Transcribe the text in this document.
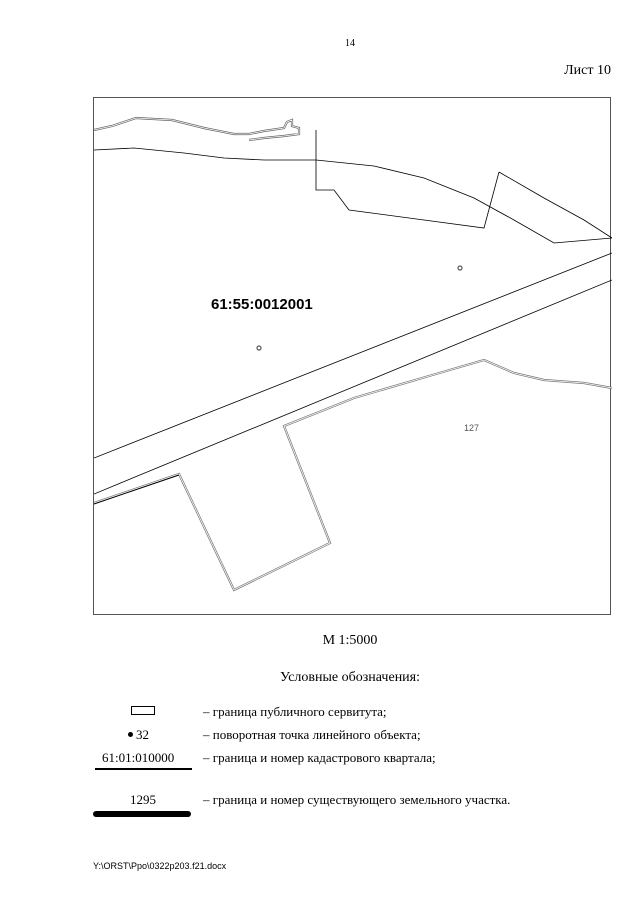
14
Лист 10
61:55:0012001
127
М 1:5000
Условные обозначения:
– граница публичного сервитута;
32	– поворотная точка линейного объекта;
61:01:010000 – граница и номер кадастрового квартала;
1295	– граница и номер существующего земельного участка.
Y:\ORST\Ppo\0322p203.f21.docx
